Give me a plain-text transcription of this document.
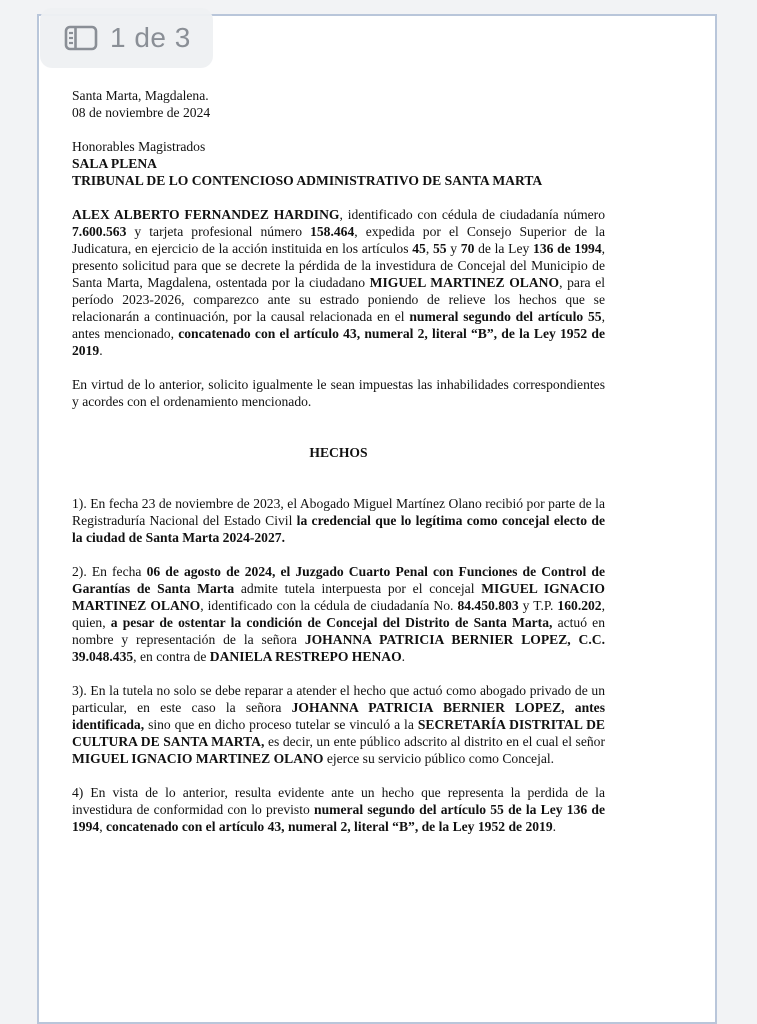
1 de 3

Santa Marta, Magdalena.

08 de noviembre de 2024

Honorables Magistrados

SALA PLENA

TRIBUNAL DE LO CONTENCIOSO ADMINISTRATIVO DE SANTA MARTA

ALEX ALBERTO FERNANDEZ HARDING, identificado con cédula de ciudadanía número 7.600.563 y tarjeta profesional número 158.464, expedida por el Consejo Superior de la Judicatura, en ejercicio de la acción instituida en los artículos 45, 55 y 70 de la Ley 136 de 1994, presento solicitud para que se decrete la pérdida de la investidura de Concejal del Municipio de Santa Marta, Magdalena, ostentada por la ciudadano MIGUEL MARTINEZ OLANO, para el período 2023-2026, comparezco ante su estrado poniendo de relieve los hechos que se relacionarán a continuación, por la causal relacionada en el numeral segundo del artículo 55, antes mencionado, concatenado con el artículo 43, numeral 2, literal “B”, de la Ley 1952 de 2019.

En virtud de lo anterior, solicito igualmente le sean impuestas las inhabilidades correspondientes y acordes con el ordenamiento mencionado.

HECHOS

1). En fecha 23 de noviembre de 2023, el Abogado Miguel Martínez Olano recibió por parte de la Registraduría Nacional del Estado Civil la credencial que lo legítima como concejal electo de la ciudad de Santa Marta 2024-2027.

2). En fecha 06 de agosto de 2024, el Juzgado Cuarto Penal con Funciones de Control de Garantías de Santa Marta admite tutela interpuesta por el concejal MIGUEL IGNACIO MARTINEZ OLANO, identificado con la cédula de ciudadanía No. 84.450.803 y T.P. 160.202, quien, a pesar de ostentar la condición de Concejal del Distrito de Santa Marta, actuó en nombre y representación de la señora JOHANNA PATRICIA BERNIER LOPEZ, C.C. 39.048.435, en contra de DANIELA RESTREPO HENAO.

3). En la tutela no solo se debe reparar a atender el hecho que actuó como abogado privado de un particular, en este caso la señora JOHANNA PATRICIA BERNIER LOPEZ, antes identificada, sino que en dicho proceso tutelar se vinculó a la SECRETARÍA DISTRITAL DE CULTURA DE SANTA MARTA, es decir, un ente público adscrito al distrito en el cual el señor MIGUEL IGNACIO MARTINEZ OLANO ejerce su servicio público como Concejal.

4) En vista de lo anterior, resulta evidente ante un hecho que representa la perdida de la investidura de conformidad con lo previsto numeral segundo del artículo 55 de la Ley 136 de 1994, concatenado con el artículo 43, numeral 2, literal “B”, de la Ley 1952 de 2019.
